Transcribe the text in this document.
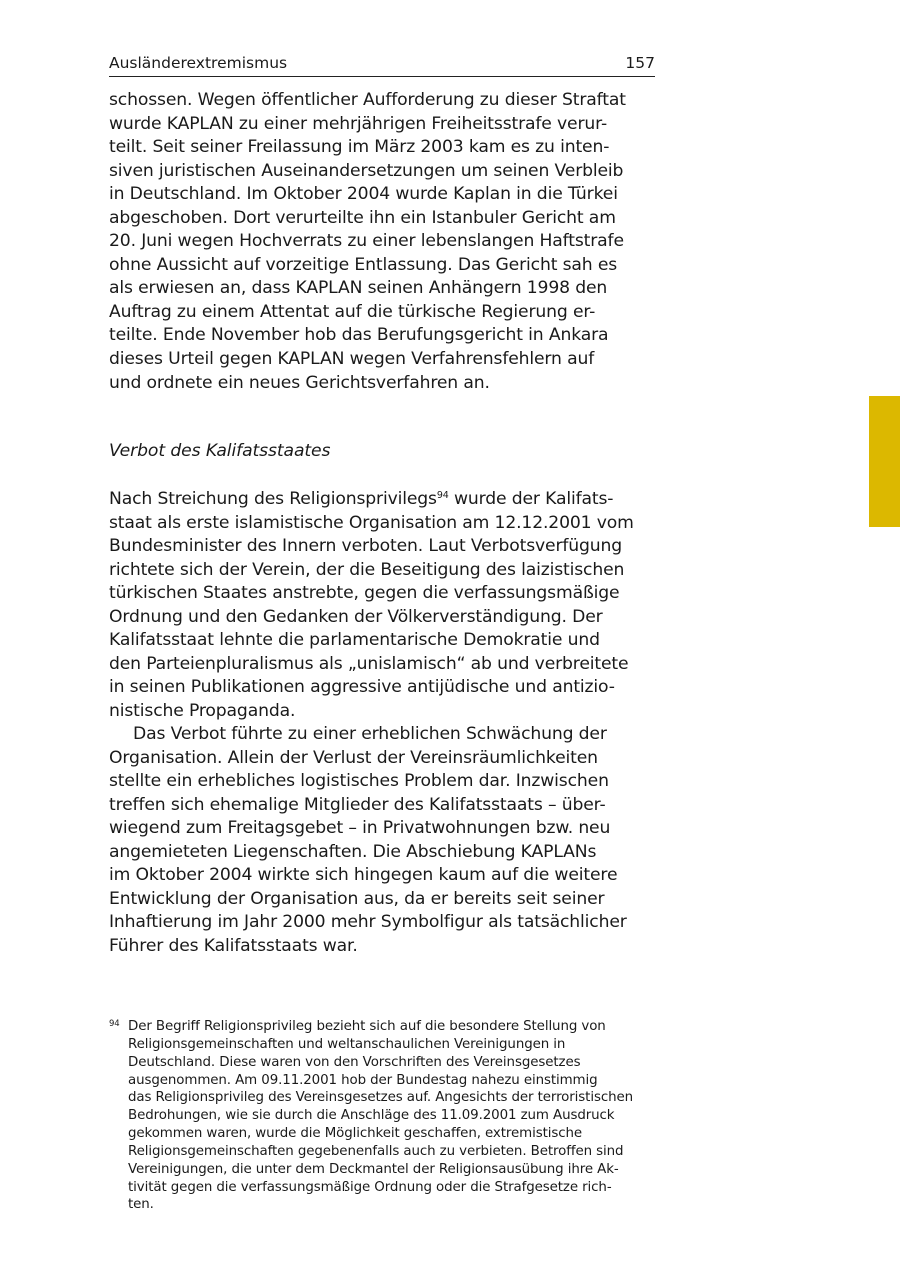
Ausländerextremismus	157

schossen. Wegen öffentlicher Aufforderung zu dieser Straftat
wurde KAPLAN zu einer mehrjährigen Freiheitsstrafe verur-
teilt. Seit seiner Freilassung im März 2003 kam es zu inten-
siven juristischen Auseinandersetzungen um seinen Verbleib
in Deutschland. Im Oktober 2004 wurde Kaplan in die Türkei
abgeschoben. Dort verurteilte ihn ein Istanbuler Gericht am
20. Juni wegen Hochverrats zu einer lebenslangen Haftstrafe
ohne Aussicht auf vorzeitige Entlassung. Das Gericht sah es
als erwiesen an, dass KAPLAN seinen Anhängern 1998 den
Auftrag zu einem Attentat auf die türkische Regierung er-
teilte. Ende November hob das Berufungsgericht in Ankara
dieses Urteil gegen KAPLAN wegen Verfahrensfehlern auf
und ordnete ein neues Gerichtsverfahren an.

Verbot des Kalifatsstaates

Nach Streichung des Religionsprivilegs$^{94}$ wurde der Kalifats-
staat als erste islamistische Organisation am 12.12.2001 vom
Bundesminister des Innern verboten. Laut Verbotsverfügung
richtete sich der Verein, der die Beseitigung des laizistischen
türkischen Staates anstrebte, gegen die verfassungsmäßige
Ordnung und den Gedanken der Völkerverständigung. Der
Kalifatsstaat lehnte die parlamentarische Demokratie und
den Parteienpluralismus als „unislamisch“ ab und verbreitete
in seinen Publikationen aggressive antijüdische und antizio-
nistische Propaganda.

Das Verbot führte zu einer erheblichen Schwächung der
Organisation. Allein der Verlust der Vereinsräumlichkeiten
stellte ein erhebliches logistisches Problem dar. Inzwischen
treffen sich ehemalige Mitglieder des Kalifatsstaats – über-
wiegend zum Freitagsgebet – in Privatwohnungen bzw. neu
angemieteten Liegenschaften. Die Abschiebung KAPLANs
im Oktober 2004 wirkte sich hingegen kaum auf die weitere
Entwicklung der Organisation aus, da er bereits seit seiner
Inhaftierung im Jahr 2000 mehr Symbolfigur als tatsächlicher
Führer des Kalifatsstaats war.

94 Der Begriff Religionsprivileg bezieht sich auf die besondere Stellung von
Religionsgemeinschaften und weltanschaulichen Vereinigungen in
Deutschland. Diese waren von den Vorschriften des Vereinsgesetzes
ausgenommen. Am 09.11.2001 hob der Bundestag nahezu einstimmig
das Religionsprivileg des Vereinsgesetzes auf. Angesichts der terroristischen
Bedrohungen, wie sie durch die Anschläge des 11.09.2001 zum Ausdruck
gekommen waren, wurde die Möglichkeit geschaffen, extremistische
Religionsgemeinschaften gegebenenfalls auch zu verbieten. Betroffen sind
Vereinigungen, die unter dem Deckmantel der Religionsausübung ihre Ak-
tivität gegen die verfassungsmäßige Ordnung oder die Strafgesetze rich-
ten.
